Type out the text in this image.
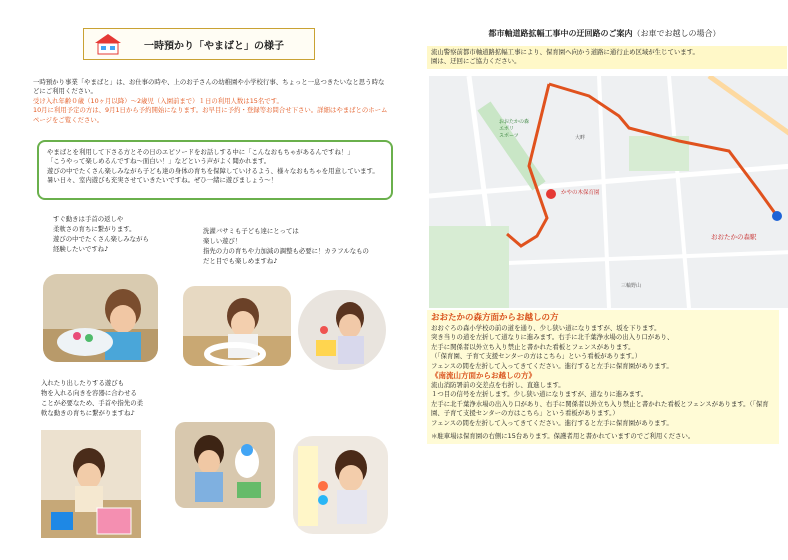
一時預かり「やまばと」の様子
一時預かり事業「やまばと」は、お仕事の時や、上のお子さんの幼稚園や小学校行事、ちょっと一息つきたいなと思う時などにご利用ください。
受け入れ年齢０歳（10ヶ月以降）～2歳児（入園前まで）１日の利用人数は15名です。
10月に利用予定の方は、9月1日から予約開始になります。お早目に予約・登録等お問合せ下さい。詳細はやまばとのホームページをご覧ください。
やまばとを利用して下さる方とその日のエピソードをお話しする中に「こんなおもちゃがあるんですね！」
「こうやって楽しめるんですね～面白い！」などという声がよく聞かれます。
遊びの中でたくさん楽しみながら子ども達の身体の育ちを保障していけるよう、様々なおもちゃを用意しています。暑い日々、室内遊びも充実させていきたいですね。ぜひ一緒に遊びましょう～！
すぐ動きは手首の返しや
柔軟さの育ちに繋がります。
遊びの中でたくさん楽しみながら
経験したいですね♪
洗濯バサミも子ども達にとっては
楽しい遊び！
指先の力の育ちや力加減の調整も必要に！カラフルなもの
だと目でも楽しめますね♪
入れたり出したりする遊びも
物を入れる向きを容器に合わせる
ことが必要なため、手首や指先の柔
軟な動きの育ちに繋がりますね♪
都市軸道路拡幅工事中の迂回路のご案内（お車でお越しの場合）
流山警察前都市軸道路拡幅工事により、保育園へ向かう道路に通行止め区域が生じています。
園は、迂回にご協力ください。
かやの木保育園
おおたかの森駅
三輪野山
大畔
おおたかの森
エポリ
スポーツ
おおたかの森方面からお越しの方

おおぐろの森小学校の前の道を通り、少し狭い道になりますが、坂を下ります。

突き当りの道を左折して道なりに進みます。右手に北千葉浄水場の出入り口があり、

左手に関係者以外立ち入り禁止と書かれた看板とフェンスがあります。

（「保育園、子育て支援センターの方はこちら」という看板があります。）

フェンスの間を左折して入ってきてください。進行すると左手に保育園があります。

《南流山方面からお越しの方》

流山消防署前の交差点を右折し、直進します。

１つ目の信号を左折します。少し狭い道になりますが、道なりに進みます。

左手に北千葉浄水場の出入り口があり、右手に関係者以外立ち入り禁止と書かれた看板とフェンスがあります。（「保育園、子育て支援センターの方はこちら」という看板があります。）

フェンスの間を左折して入ってきてください。進行すると左手に保育園があります。

＊駐車場は保育園の右側に15台あります。保護者用と書かれていますのでご利用ください。
